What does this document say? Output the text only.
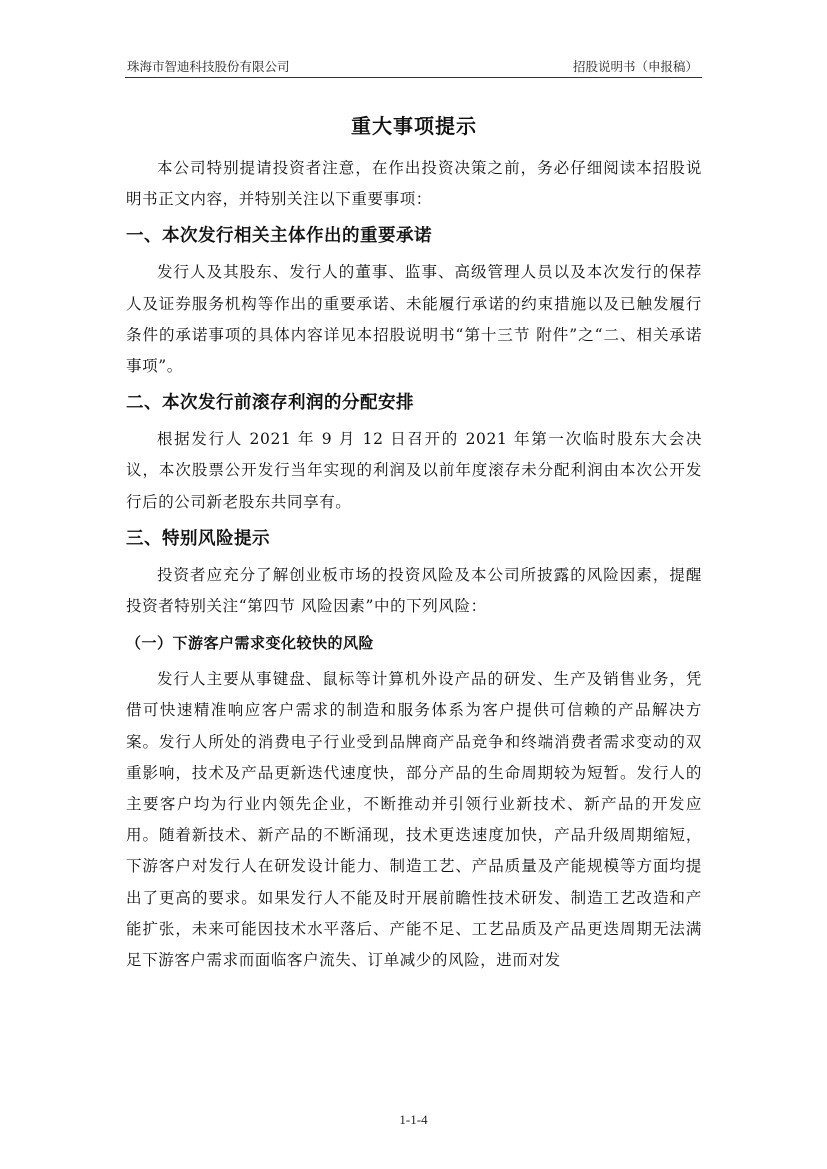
珠海市智迪科技股份有限公司	招股说明书（申报稿）
重大事项提示

本公司特别提请投资者注意，在作出投资决策之前，务必仔细阅读本招股说明书正文内容，并特别关注以下重要事项：

一、本次发行相关主体作出的重要承诺

发行人及其股东、发行人的董事、监事、高级管理人员以及本次发行的保荐人及证券服务机构等作出的重要承诺、未能履行承诺的约束措施以及已触发履行条件的承诺事项的具体内容详见本招股说明书“第十三节 附件”之“二、相关承诺事项”。

二、本次发行前滚存利润的分配安排

根据发行人 2021 年 9 月 12 日召开的 2021 年第一次临时股东大会决议，本次股票公开发行当年实现的利润及以前年度滚存未分配利润由本次公开发行后的公司新老股东共同享有。

三、特别风险提示

投资者应充分了解创业板市场的投资风险及本公司所披露的风险因素，提醒投资者特别关注“第四节 风险因素”中的下列风险：

（一）下游客户需求变化较快的风险

发行人主要从事键盘、鼠标等计算机外设产品的研发、生产及销售业务，凭借可快速精准响应客户需求的制造和服务体系为客户提供可信赖的产品解决方案。发行人所处的消费电子行业受到品牌商产品竞争和终端消费者需求变动的双重影响，技术及产品更新迭代速度快，部分产品的生命周期较为短暂。发行人的主要客户均为行业内领先企业，不断推动并引领行业新技术、新产品的开发应用。随着新技术、新产品的不断涌现，技术更迭速度加快，产品升级周期缩短，下游客户对发行人在研发设计能力、制造工艺、产品质量及产能规模等方面均提出了更高的要求。如果发行人不能及时开展前瞻性技术研发、制造工艺改造和产能扩张，未来可能因技术水平落后、产能不足、工艺品质及产品更迭周期无法满足下游客户需求而面临客户流失、订单减少的风险，进而对发

1-1-4
